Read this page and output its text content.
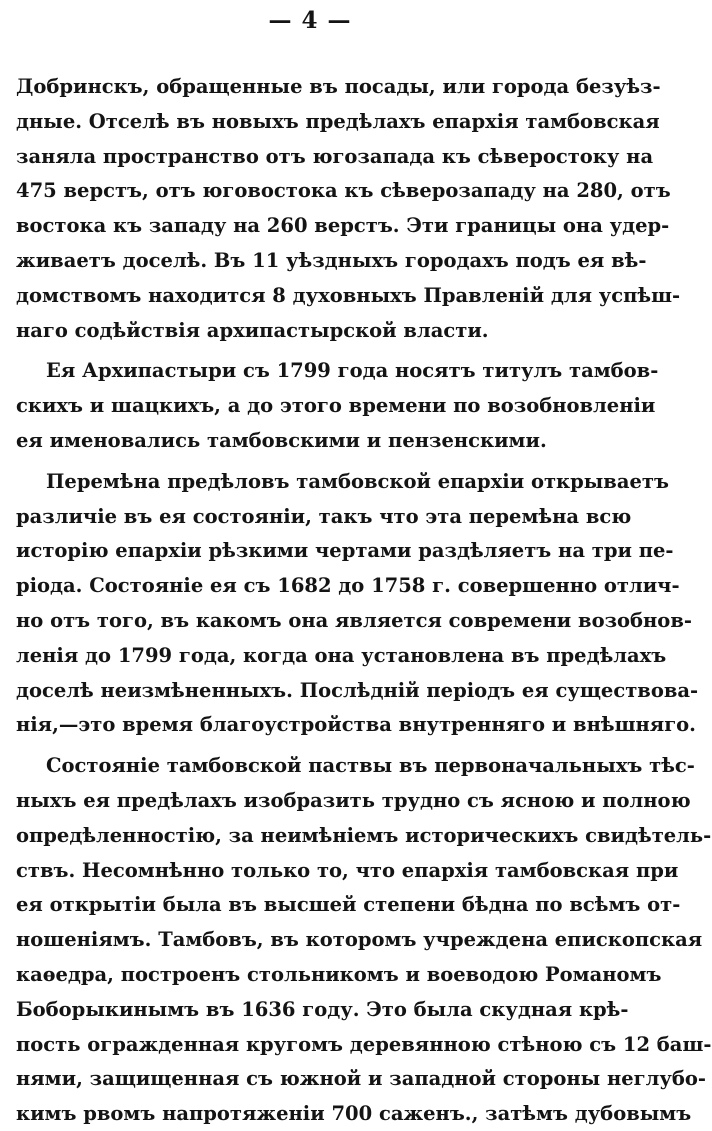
— 4 —
Добринскъ, обращенные въ посады, или города безуѣз-
дные. Отселѣ въ новыхъ предѣлахъ епархія тамбовская
заняла пространство отъ югозапада къ сѣверостоку на
475 верстъ, отъ юговостока къ сѣверозападу на 280, отъ
востока къ западу на 260 верстъ. Эти границы она удер-
живаетъ доселѣ. Въ 11 уѣздныхъ городахъ подъ ея вѣ-
домствомъ находится 8 духовныхъ Правленій для успѣш-
наго содѣйствія архипастырской власти.
Ея Архипастыри съ 1799 года носятъ титулъ тамбов-
скихъ и шацкихъ, а до этого времени по возобновленіи
ея именовались тамбовскими и пензенскими.
Перемѣна предѣловъ тамбовской епархіи открываетъ
различіе въ ея состояніи, такъ что эта перемѣна всю
исторію епархіи рѣзкими чертами раздѣляетъ на три пе-
ріода. Состояніе ея съ 1682 до 1758 г. совершенно отлич-
но отъ того, въ какомъ она является современи возобнов-
ленія до 1799 года, когда она установлена въ предѣлахъ
доселѣ неизмѣненныхъ. Послѣдній періодъ ея существова-
нія,—это время благоустройства внутренняго и внѣшняго.
Состояніе тамбовской паствы въ первоначальныхъ тѣс-
ныхъ ея предѣлахъ изобразить трудно съ ясною и полною
опредѣленностію, за неимѣніемъ историческихъ свидѣтель-
ствъ. Несомнѣнно только то, что епархія тамбовская при
ея открытіи была въ высшей степени бѣдна по всѣмъ от-
ношеніямъ. Тамбовъ, въ которомъ учреждена епископская
каѳедра, построенъ стольникомъ и воеводою Романомъ
Боборыкинымъ въ 1636 году. Это была скудная крѣ-
пость огражденная кругомъ деревянною стѣною съ 12 баш-
нями, защищенная съ южной и западной стороны неглубо-
кимъ рвомъ напротяженіи 700 саженъ., затѣмъ дубовымъ
